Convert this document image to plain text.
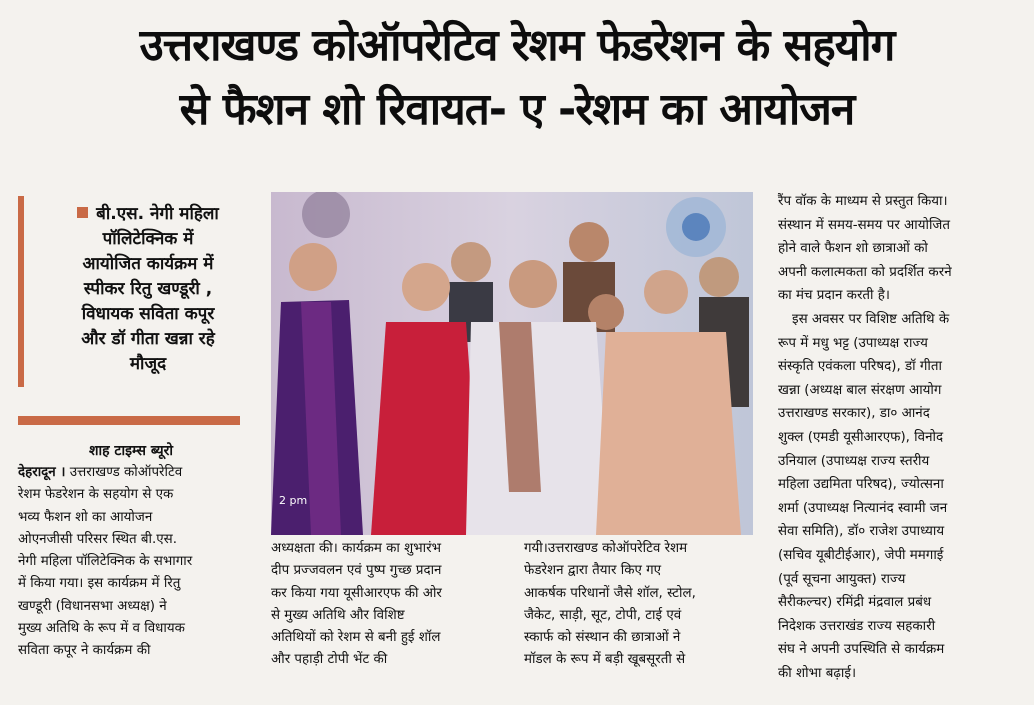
उत्तराखण्ड कोऑपरेटिव रेशम फेडरेशन के सहयोग
से फैशन शो रिवायत- ए -रेशम का आयोजन
बी.एस. नेगी महिला
पॉलिटेक्निक में
आयोजित कार्यक्रम में
स्पीकर रितु खण्डूरी ,
विधायक सविता कपूर
और डॉ गीता खन्ना रहे
मौजूद
शाह टाइम्स ब्यूरो

देहरादून । उत्तराखण्ड कोऑपरेटिव

रेशम फेडरेशन के सहयोग से एक

भव्य फैशन शो का आयोजन

ओएनजीसी परिसर स्थित बी.एस.

नेगी महिला पॉलिटेक्निक के सभागार

में किया गया। इस कार्यक्रम में रितु

खण्डूरी (विधानसभा अध्यक्ष) ने

मुख्य अतिथि के रूप में व विधायक

सविता कपूर ने कार्यक्रम की

2 pm

अध्यक्षता की। कार्यक्रम का शुभारंभ

दीप प्रज्जवलन एवं पुष्प गुच्छ प्रदान

कर किया गया यूसीआरएफ की ओर

से मुख्य अतिथि और विशिष्ट

अतिथियों को रेशम से बनी हुई शॉल

और पहाड़ी टोपी भेंट की

गयी।उत्तराखण्ड कोऑपरेटिव रेशम

फेडरेशन द्वारा तैयार किए गए

आकर्षक परिधानों जैसे शॉल, स्टोल,

जैकेट, साड़ी, सूट, टोपी, टाई एवं

स्कार्फ को संस्थान की छात्राओं ने

मॉडल के रूप में बड़ी खूबसूरती से

रैंप वॉक के माध्यम से प्रस्तुत किया।

संस्थान में समय-समय पर आयोजित

होने वाले फैशन शो छात्राओं को

अपनी कलात्मकता को प्रदर्शित करने

का मंच प्रदान करती है।

इस अवसर पर विशिष्ट अतिथि के

रूप में मधु भट्ट (उपाध्यक्ष राज्य

संस्कृति एवंकला परिषद), डॉ गीता

खन्ना (अध्यक्ष बाल संरक्षण आयोग

उत्तराखण्ड सरकार), डा० आनंद

शुक्ल (एमडी यूसीआरएफ), विनोद

उनियाल (उपाध्यक्ष राज्य स्तरीय

महिला उद्यमिता परिषद), ज्योत्सना

शर्मा (उपाध्यक्ष नित्यानंद स्वामी जन

सेवा समिति), डॉ० राजेश उपाध्याय

(सचिव यूबीटीईआर), जेपी ममगाई

(पूर्व सूचना आयुक्त) राज्य

सैरीकल्चर) रमिंद्री मंद्रवाल प्रबंध

निदेशक उत्तराखंड राज्य सहकारी

संघ ने अपनी उपस्थिति से कार्यक्रम

की शोभा बढ़ाई।
